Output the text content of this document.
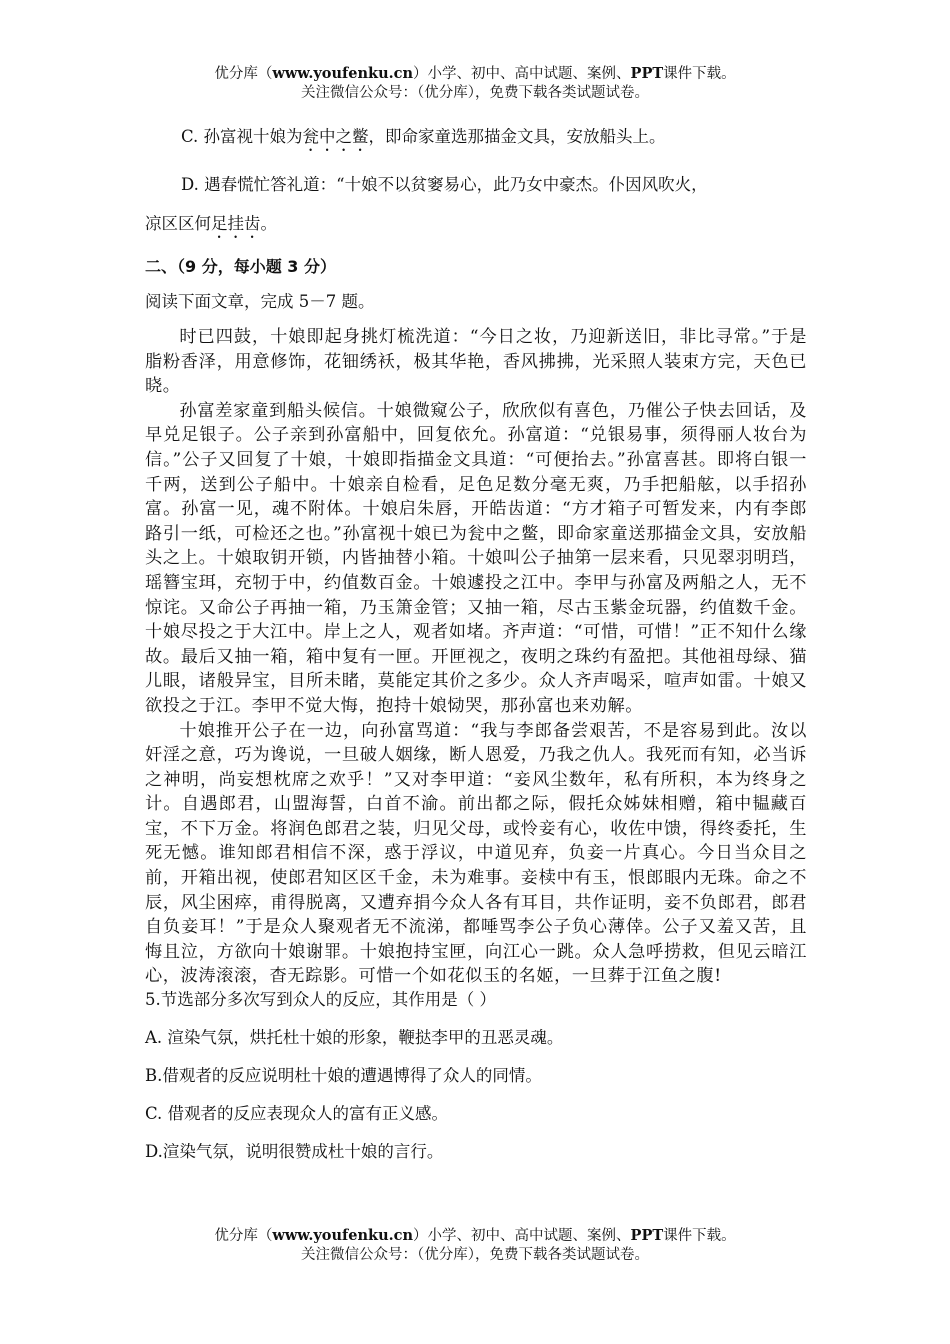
优分库（www.youfenku.cn）小学、初中、高中试题、案例、PPT课件下载。
关注微信公众号：（优分库），免费下载各类试题试卷。
C. 孙富视十娘为瓮中之鳖，即命家童选那描金文具，安放船头上。
D. 遇春慌忙答礼道：“十娘不以贫窭易心，此乃女中豪杰。仆因风吹火，
凉区区何足挂齿。
二、（9 分，每小题 3 分）
阅读下面文章，完成 5－7 题。

时已四鼓，十娘即起身挑灯梳洗道：“今日之妆，乃迎新送旧，非比寻常。”于是脂粉香泽，用意修饰，花钿绣袄，极其华艳，香风拂拂，光采照人装束方完，天色已晓。

孙富差家童到船头候信。十娘微窥公子，欣欣似有喜色，乃催公子快去回话，及早兑足银子。公子亲到孙富船中，回复依允。孙富道：“兑银易事，须得丽人妆台为信。”公子又回复了十娘，十娘即指描金文具道：“可便抬去。”孙富喜甚。即将白银一千两，送到公子船中。十娘亲自检看，足色足数分毫无爽，乃手把船舷，以手招孙富。孙富一见，魂不附体。十娘启朱唇，开皓齿道：“方才箱子可暂发来，内有李郎路引一纸，可检还之也。”孙富视十娘已为瓮中之鳖，即命家童送那描金文具，安放船头之上。十娘取钥开锁，内皆抽替小箱。十娘叫公子抽第一层来看，只见翠羽明珰，瑶簪宝珥，充牣于中，约值数百金。十娘遽投之江中。李甲与孙富及两船之人，无不惊诧。又命公子再抽一箱，乃玉箫金管；又抽一箱，尽古玉紫金玩器，约值数千金。十娘尽投之于大江中。岸上之人，观者如堵。齐声道：“可惜，可惜！”正不知什么缘故。最后又抽一箱，箱中复有一匣。开匣视之，夜明之珠约有盈把。其他祖母绿、猫儿眼，诸般异宝，目所未睹，莫能定其价之多少。众人齐声喝采，喧声如雷。十娘又欲投之于江。李甲不觉大悔，抱持十娘恸哭，那孙富也来劝解。

十娘推开公子在一边，向孙富骂道：“我与李郎备尝艰苦，不是容易到此。汝以奸淫之意，巧为谗说，一旦破人姻缘，断人恩爱，乃我之仇人。我死而有知，必当诉之神明，尚妄想枕席之欢乎！”又对李甲道：“妾风尘数年，私有所积，本为终身之计。自遇郎君，山盟海誓，白首不渝。前出都之际，假托众姊妹相赠，箱中韫藏百宝，不下万金。将润色郎君之装，归见父母，或怜妾有心，收佐中馈，得终委托，生死无憾。谁知郎君相信不深，惑于浮议，中道见弃，负妾一片真心。今日当众目之前，开箱出视，使郎君知区区千金，未为难事。妾椟中有玉，恨郎眼内无珠。命之不辰，风尘困瘁，甫得脱离，又遭弃捐今众人各有耳目，共作证明，妾不负郎君，郎君自负妾耳！”于是众人聚观者无不流涕，都唾骂李公子负心薄倖。公子又羞又苦，且悔且泣，方欲向十娘谢罪。十娘抱持宝匣，向江心一跳。众人急呼捞救，但见云暗江心，波涛滚滚，杳无踪影。可惜一个如花似玉的名姬，一旦葬于江鱼之腹!

5.节选部分多次写到众人的反应，其作用是（ ）
A. 渲染气氛，烘托杜十娘的形象，鞭挞李甲的丑恶灵魂。
B.借观者的反应说明杜十娘的遭遇博得了众人的同情。
C. 借观者的反应表现众人的富有正义感。
D.渲染气氛，说明很赞成杜十娘的言行。
优分库（www.youfenku.cn）小学、初中、高中试题、案例、PPT课件下载。
关注微信公众号：（优分库），免费下载各类试题试卷。
